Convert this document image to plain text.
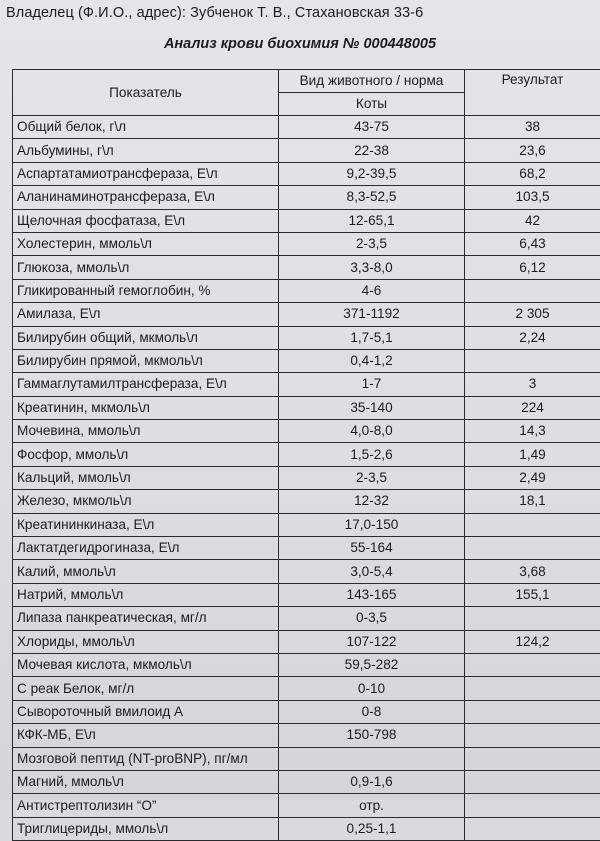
Владелец (Ф.И.О., адрес): Зубченок Т. В., Стахановская 33-6
Анализ крови биохимия № 000448005
Показатель	Вид животного / норма	Результат
	Коты	
Общий белок, г\л	43-75	38
Альбумины, г\л	22-38	23,6
Аспартатамиотрансфераза, Е\л	9,2-39,5	68,2
Аланинаминотрансфераза, Е\л	8,3-52,5	103,5
Щелочная фосфатаза, Е\л	12-65,1	42
Холестерин, ммоль\л	2-3,5	6,43
Глюкоза, ммоль\л	3,3-8,0	6,12
Гликированный гемоглобин, %	4-6	
Амилаза, Е\л	371-1192	2 305
Билирубин общий, мкмоль\л	1,7-5,1	2,24
Билирубин прямой, мкмоль\л	0,4-1,2	
Гаммаглутамилтрансфераза, Е\л	1-7	3
Креатинин, мкмоль\л	35-140	224
Мочевина, ммоль\л	4,0-8,0	14,3
Фосфор, ммоль\л	1,5-2,6	1,49
Кальций, ммоль\л	2-3,5	2,49
Железо, мкмоль\л	12-32	18,1
Креатининкиназа, Е\л	17,0-150	
Лактатдегидрогиназа, Е\л	55-164	
Калий, ммоль\л	3,0-5,4	3,68
Натрий, ммоль\л	143-165	155,1
Липаза панкреатическая, мг/л	0-3,5	
Хлориды, ммоль\л	107-122	124,2
Мочевая кислота, мкмоль\л	59,5-282	
С реак Белок, мг/л	0-10	
Сывороточный вмилоид А	0-8	
КФК-МБ, Е\л	150-798	
Мозговой пептид (NT-proBNP), пг/мл		
Магний, ммоль\л	0,9-1,6	
Антистрептолизин “О”	отр.	
Триглицериды, ммоль\л	0,25-1,1	
